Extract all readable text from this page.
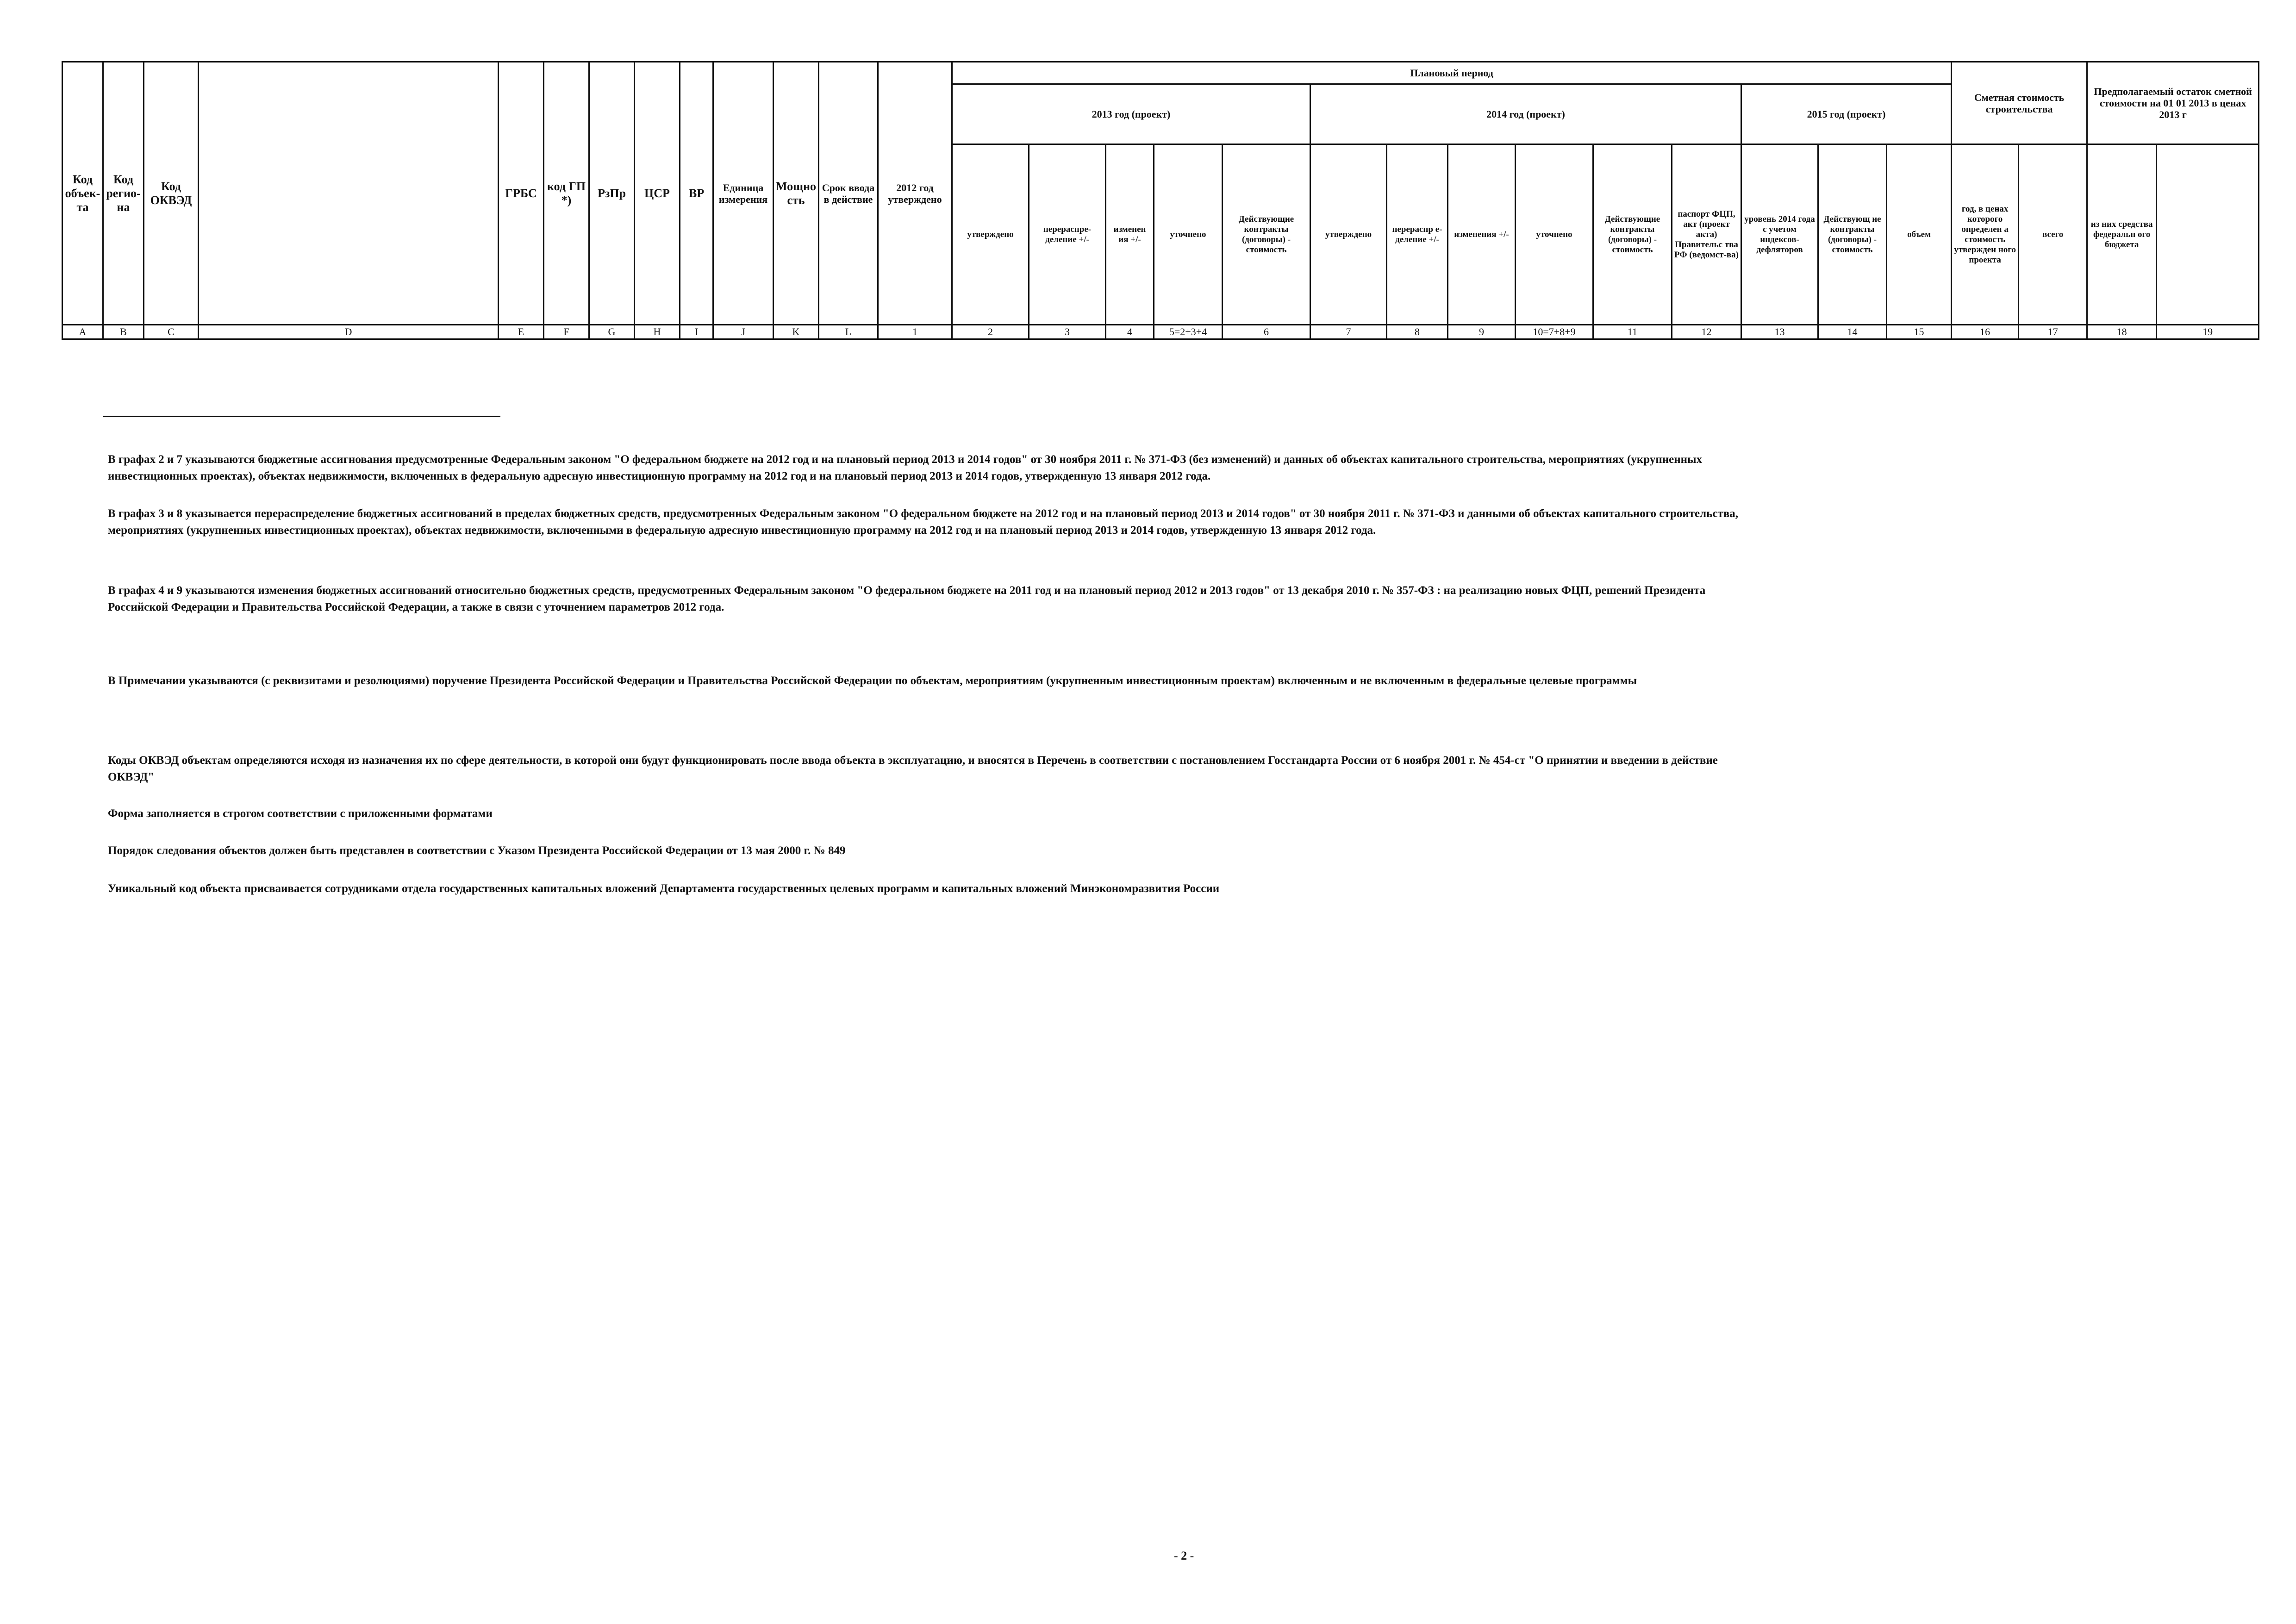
Код объек-та	Код регио-на	Код ОКВЭД		ГРБС	код ГП *)	РзПр	ЦСР	ВР	Единица измерения	Мощно сть	Срок ввода в действие	2012 год утверждено	Плановый период														Сметная стоимость строительства		Предполагаемый остаток сметной стоимости на 01 01 2013 в ценах 2013 г	
													2013 год (проект)					2014 год (проект)						2015 год (проект)							

													утверждено	перераспре-деление +/-	изменен ия +/-	уточнено	Действующие контракты (договоры) - стоимость	утверждено	перераспр е-деление +/-	изменения +/-	уточнено	Действующие контракты (договоры) - стоимость	паспорт ФЦП, акт (проект акта) Правительс тва РФ (ведомст-ва)	уровень 2014 года с учетом индексов-дефляторов	Действующ ие контракты (договоры) - стоимость	объем	год, в ценах которого определен а стоимость утвержден ного проекта	всего	из них средства федеральн ого бюджета		
A	B	C	D	E	F	G	H	I	J	K	L	1	2	3	4	5=2+3+4	6	7	8	9	10=7+8+9	11	12	13	14	15	16	17	18	19	

В графах 2 и 7 указываются бюджетные ассигнования предусмотренные Федеральным законом "О федеральном бюджете на 2012 год и на плановый период 2013 и 2014 годов" от 30 ноября 2011 г. № 371-ФЗ (без изменений) и данных об объектах капитального строительства, мероприятиях (укрупненных инвестиционных проектах), объектах недвижимости, включенных в федеральную адресную инвестиционную программу на 2012 год и на плановый период 2013 и 2014 годов, утвержденную 13 января 2012 года.

В графах 3 и 8 указывается перераспределение бюджетных ассигнований в пределах бюджетных средств, предусмотренных Федеральным законом "О федеральном бюджете на 2012 год и на плановый период 2013 и 2014 годов" от 30 ноября 2011 г. № 371-ФЗ и данными об объектах капитального строительства, мероприятиях (укрупненных инвестиционных проектах), объектах недвижимости, включенными в федеральную адресную инвестиционную программу на 2012 год и на плановый период 2013 и 2014 годов, утвержденную 13 января 2012 года.

В графах 4 и 9 указываются изменения бюджетных ассигнований относительно бюджетных средств, предусмотренных Федеральным законом "О федеральном бюджете на 2011 год и на плановый период 2012 и 2013 годов" от 13 декабря 2010 г. № 357-ФЗ : на реализацию новых ФЦП, решений Президента Российской Федерации и Правительства Российской Федерации, а также в связи с уточнением параметров 2012 года.

В Примечании указываются (с реквизитами и резолюциями) поручение Президента Российской Федерации и Правительства Российской Федерации по объектам, мероприятиям (укрупненным инвестиционным проектам) включенным и не включенным в федеральные целевые программы

Коды ОКВЭД объектам определяются исходя из назначения их по сфере деятельности, в которой они будут функционировать после ввода объекта в эксплуатацию, и вносятся в Перечень в соответствии с постановлением Госстандарта России от 6 ноября 2001 г. № 454-ст "О принятии и введении в действие ОКВЭД"

Форма заполняется в строгом соответствии с приложенными форматами

Порядок следования объектов должен быть представлен в соответствии с Указом Президента Российской Федерации от 13 мая 2000 г. № 849

Уникальный код объекта присваивается сотрудниками отдела государственных капитальных вложений Департамента государственных целевых программ и капитальных вложений Минэкономразвития России

- 2 -
